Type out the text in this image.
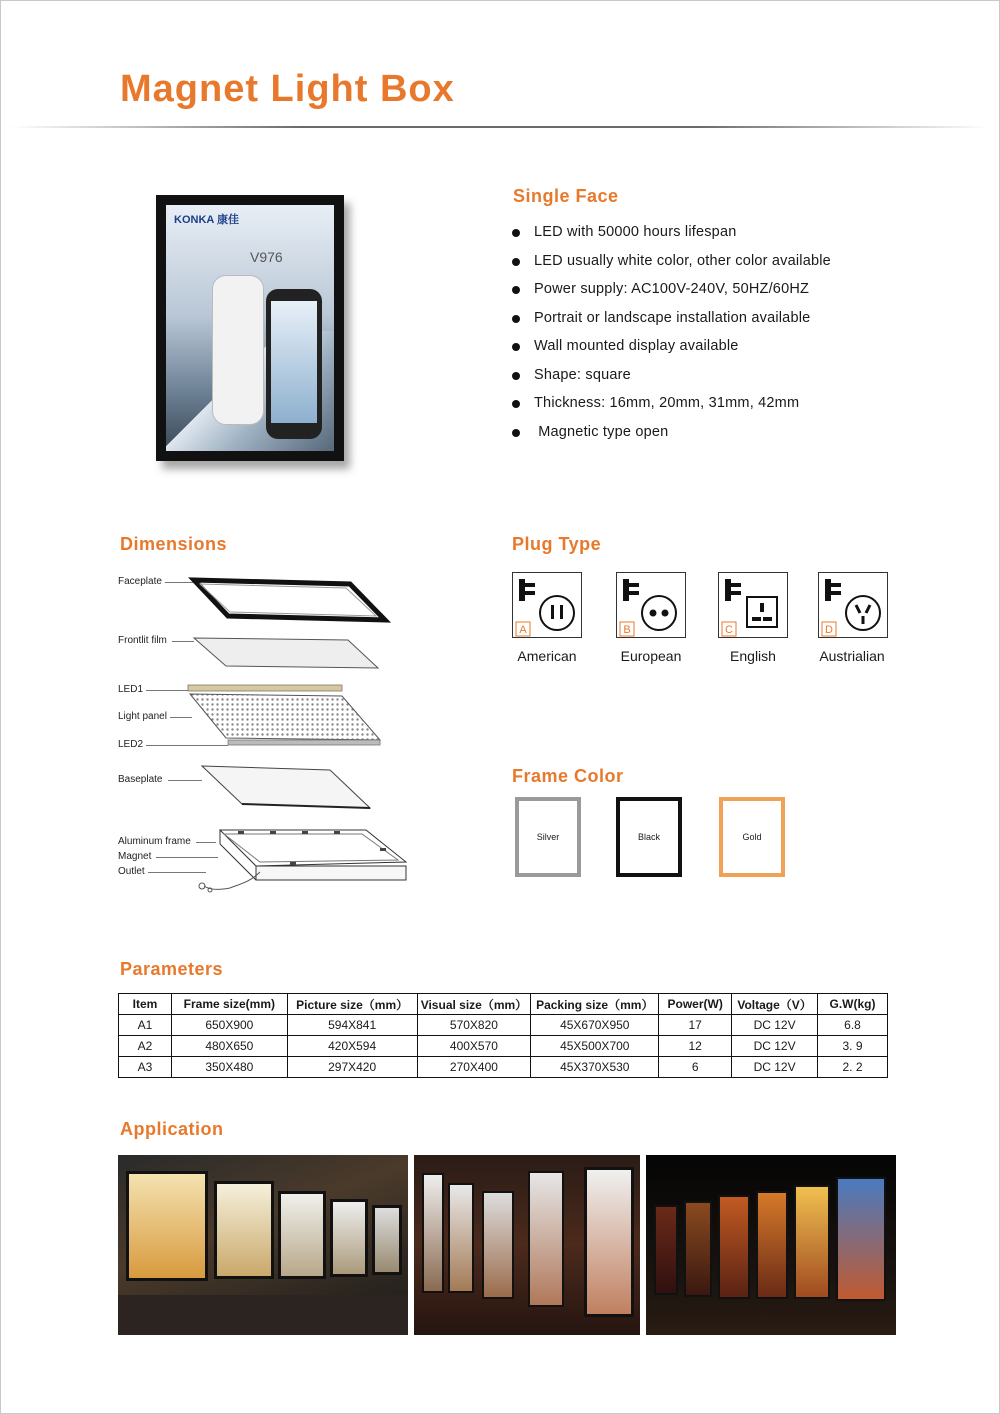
Magnet Light Box
KONKA 康佳
V976
Single Face
LED with 50000 hours lifespan
LED usually white color, other color available
Power supply: AC100V-240V, 50HZ/60HZ
Portrait or landscape installation available
Wall mounted display available
Shape: square
Thickness: 16mm, 20mm, 31mm, 42mm
Magnetic type open
Dimensions
Faceplate
Frontlit film
LED1
Light panel
LED2
Baseplate
Aluminum frame
Magnet
Outlet
Plug Type
A
American
B
European
C
English
D
Austrialian
Frame Color
Silver	Black	Gold
Parameters
Item	Frame size(mm)	Picture size（mm）	Visual size（mm）	Packing size（mm）	Power(W)	Voltage（V）	G.W(kg)
A1	650X900	594X841	570X820	45X670X950	17	DC 12V	6.8
A2	480X650	420X594	400X570	45X500X700	12	DC 12V	3. 9
A3	350X480	297X420	270X400	45X370X530	6	DC 12V	2. 2
Application
